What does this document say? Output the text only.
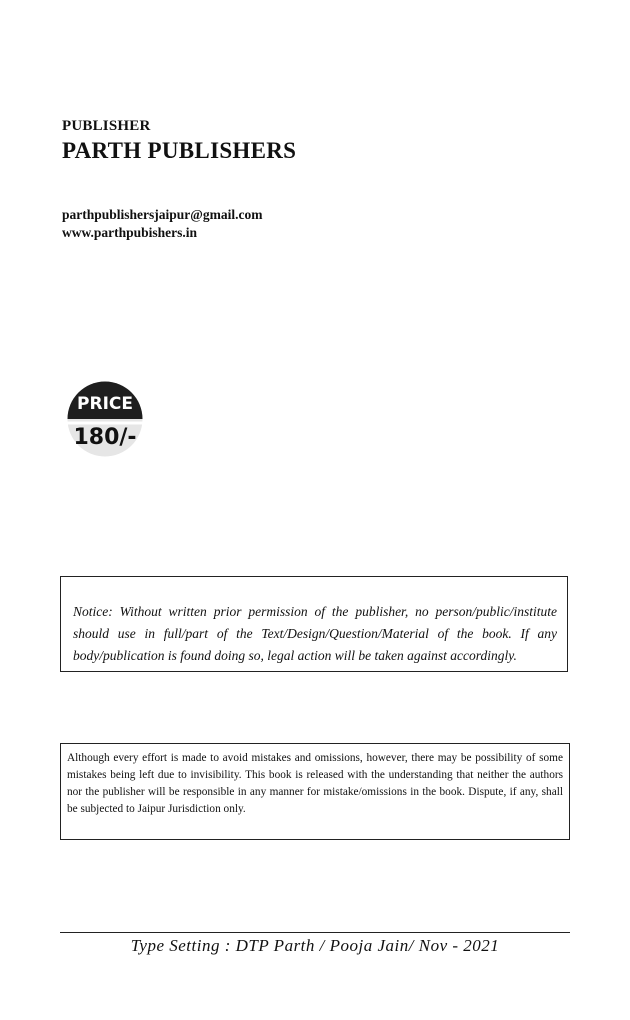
PUBLISHER
PARTH PUBLISHERS
parthpublishersjaipur@gmail.com
www.parthpubishers.in
PRICE
180/-
Notice: Without written prior permission of the publisher, no person/public/institute should use in full/part of the Text/Design/Question/Material of the book. If any body/publication is found doing so, legal action will be taken against accordingly.
Although every effort is made to avoid mistakes and omissions, however, there may be possibility of some mistakes being left due to invisibility. This book is released with the understanding that neither the authors nor the publisher will be responsible in any manner for mistake/omissions in the book. Dispute, if any, shall be subjected to Jaipur Jurisdiction only.
Type Setting : DTP Parth / Pooja Jain/ Nov - 2021
